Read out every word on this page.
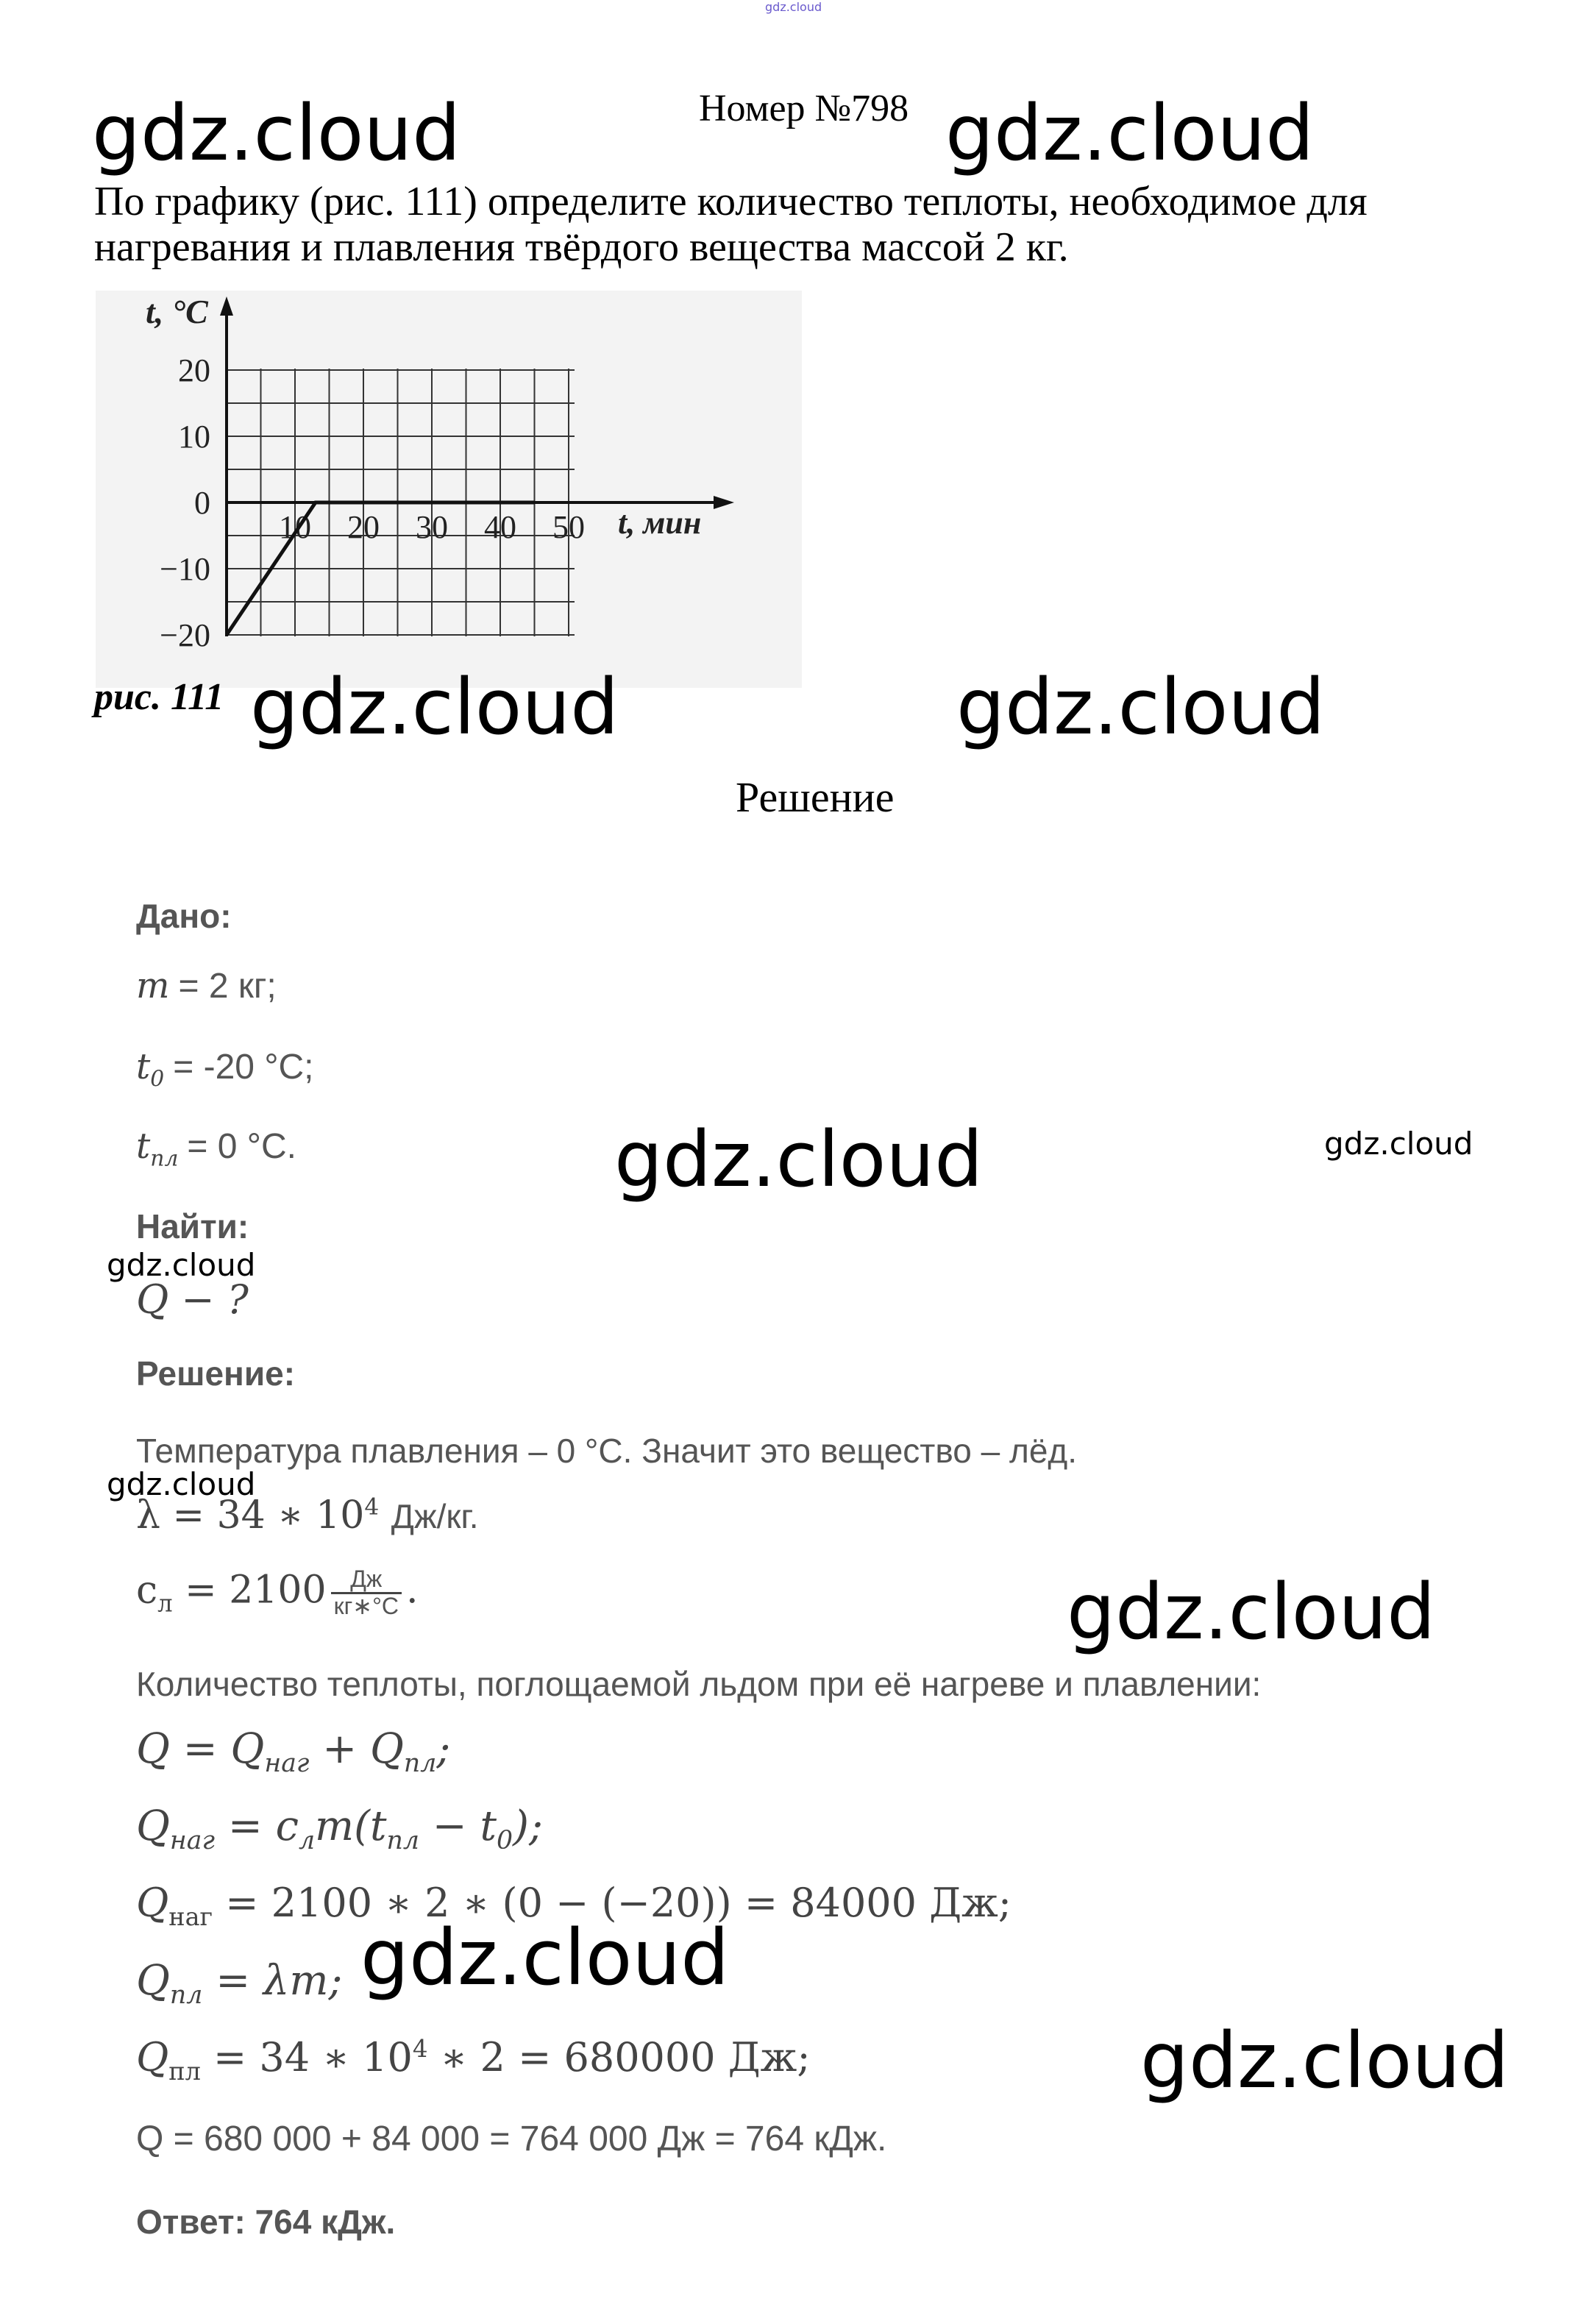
gdz.cloud
Номер №798
По графику (рис. 111) определите количество теплоты, необходимое для
нагревания и плавления твёрдого вещества массой 2 кг.
10 20 30 40 50
20
10
0
−10
−20
t, °C
t, мин
рис. 111
Решение
Дано:
m = 2 кг;
$t_0 = -20$ °С;
$t_{пл} = 0$ °С.
Найти:
Q − ?
Решение:
Температура плавления – 0 °С. Значит это вещество – лёд.
λ = 34 ∗ $10^4$ Дж/кг.
$c_л = 2100 \frac{Дж}{кг∗^\circ С}$ .
Количество теплоты, поглощаемой льдом при её нагреве и плавлении:
$Q = Q_{наг} + Q_{пл}$;
$Q_{наг} = c_лm(t_{пл} - t_0)$;
$Q_{наг} = 2100$ ∗ 2 ∗ (0 − (−20)) = 84000 Дж;
$Q_{пл} = \lambda m$;
$Q_{пл} = 34$ ∗ $10^4$ ∗ 2 = 680000 Дж;
Q = 680 000 + 84 000 = 764 000 Дж = 764 кДж.
Ответ: 764 кДж.
gdz.cloud	gdz.cloud
gdz.cloud	gdz.cloud
gdz.cloud	gdz.cloud
gdz.cloud
gdz.cloud
gdz.cloud
gdz.cloud
gdz.cloud
